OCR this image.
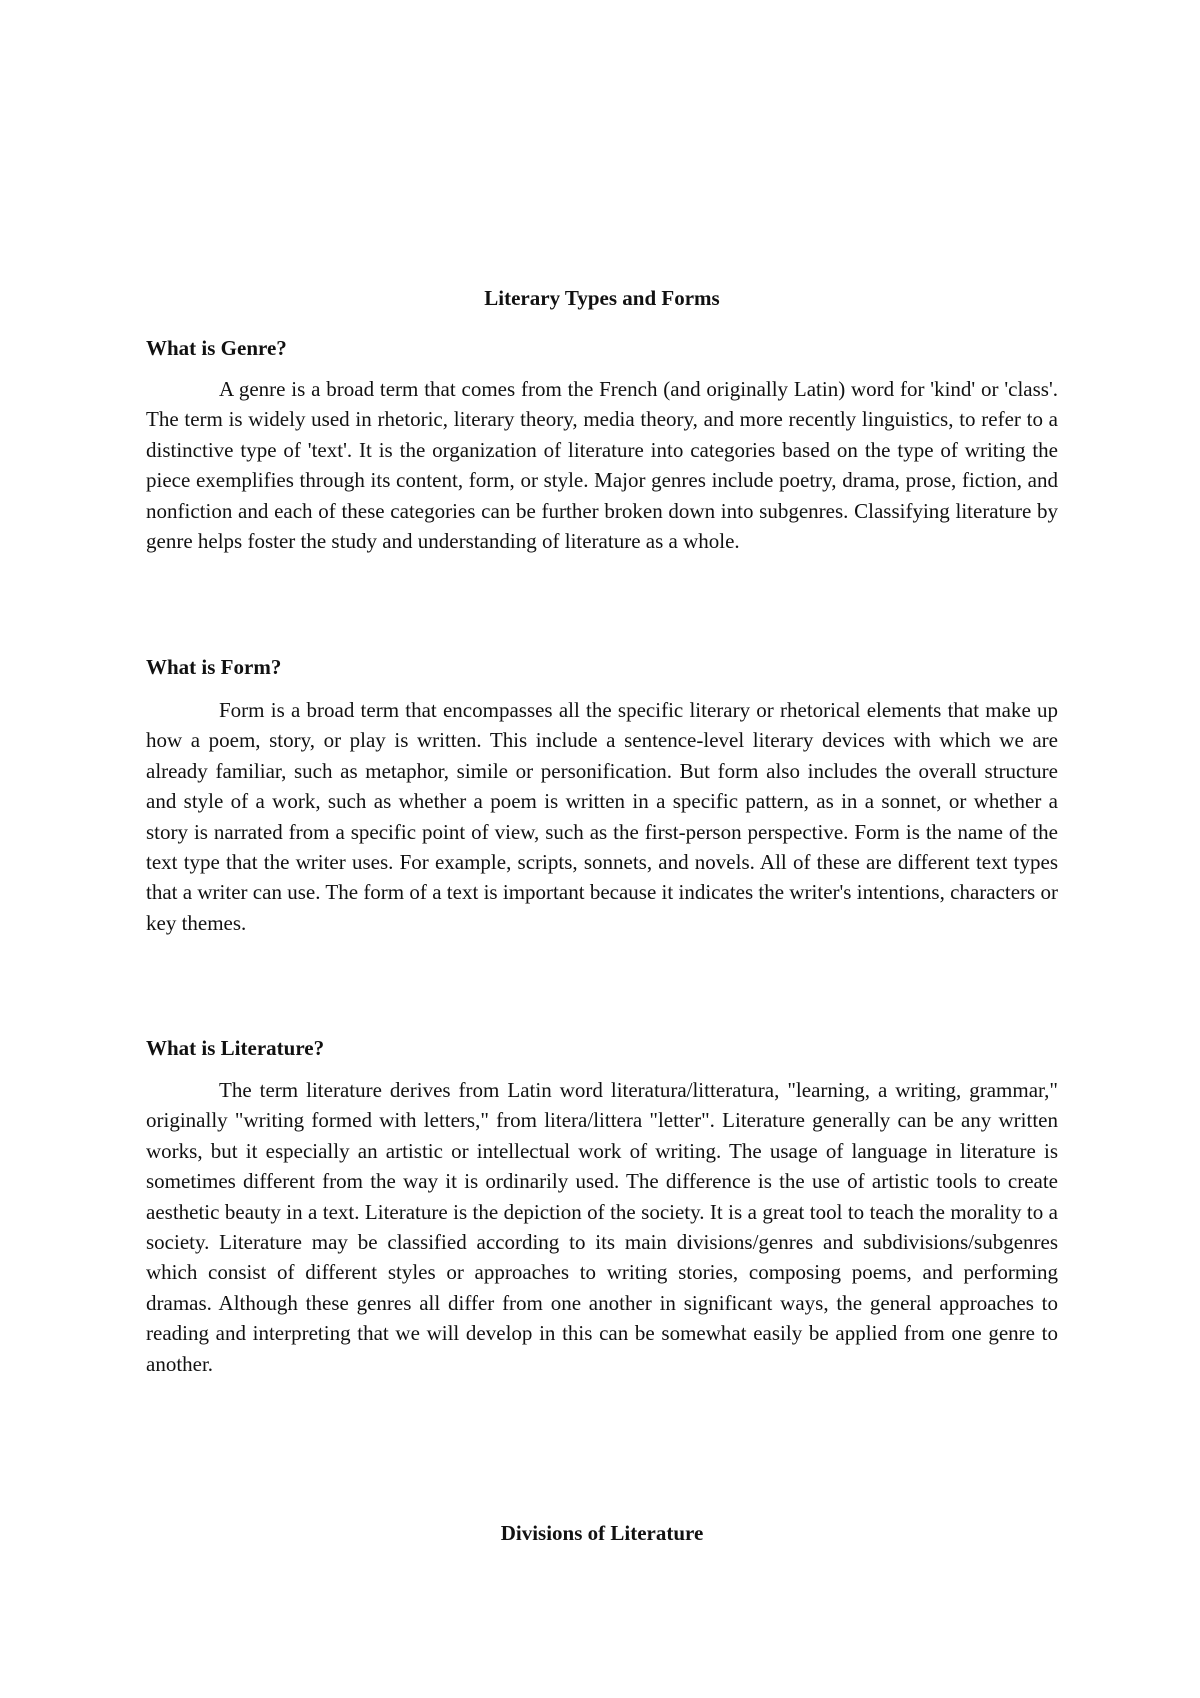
Literary Types and Forms
What is Genre?

A genre is a broad term that comes from the French (and originally Latin) word for 'kind' or 'class'. The term is widely used in rhetoric, literary theory, media theory, and more recently linguistics, to refer to a distinctive type of 'text'. It is the organization of literature into categories based on the type of writing the piece exemplifies through its content, form, or style. Major genres include poetry, drama, prose, fiction, and nonfiction and each of these categories can be further broken down into subgenres. Classifying literature by genre helps foster the study and understanding of literature as a whole.

What is Form?

Form is a broad term that encompasses all the specific literary or rhetorical elements that make up how a poem, story, or play is written. This include a sentence-level literary devices with which we are already familiar, such as metaphor, simile or personification. But form also includes the overall structure and style of a work, such as whether a poem is written in a specific pattern, as in a sonnet, or whether a story is narrated from a specific point of view, such as the first-person perspective. Form is the name of the text type that the writer uses. For example, scripts, sonnets, and novels. All of these are different text types that a writer can use. The form of a text is important because it indicates the writer's intentions, characters or key themes.

What is Literature?

The term literature derives from Latin word literatura/litteratura, "learning, a writing, grammar," originally "writing formed with letters," from litera/littera "letter". Literature generally can be any written works, but it especially an artistic or intellectual work of writing. The usage of language in literature is sometimes different from the way it is ordinarily used. The difference is the use of artistic tools to create aesthetic beauty in a text. Literature is the depiction of the society. It is a great tool to teach the morality to a society. Literature may be classified according to its main divisions/genres and subdivisions/subgenres which consist of different styles or approaches to writing stories, composing poems, and performing dramas. Although these genres all differ from one another in significant ways, the general approaches to reading and interpreting that we will develop in this can be somewhat easily be applied from one genre to another.

Divisions of Literature
